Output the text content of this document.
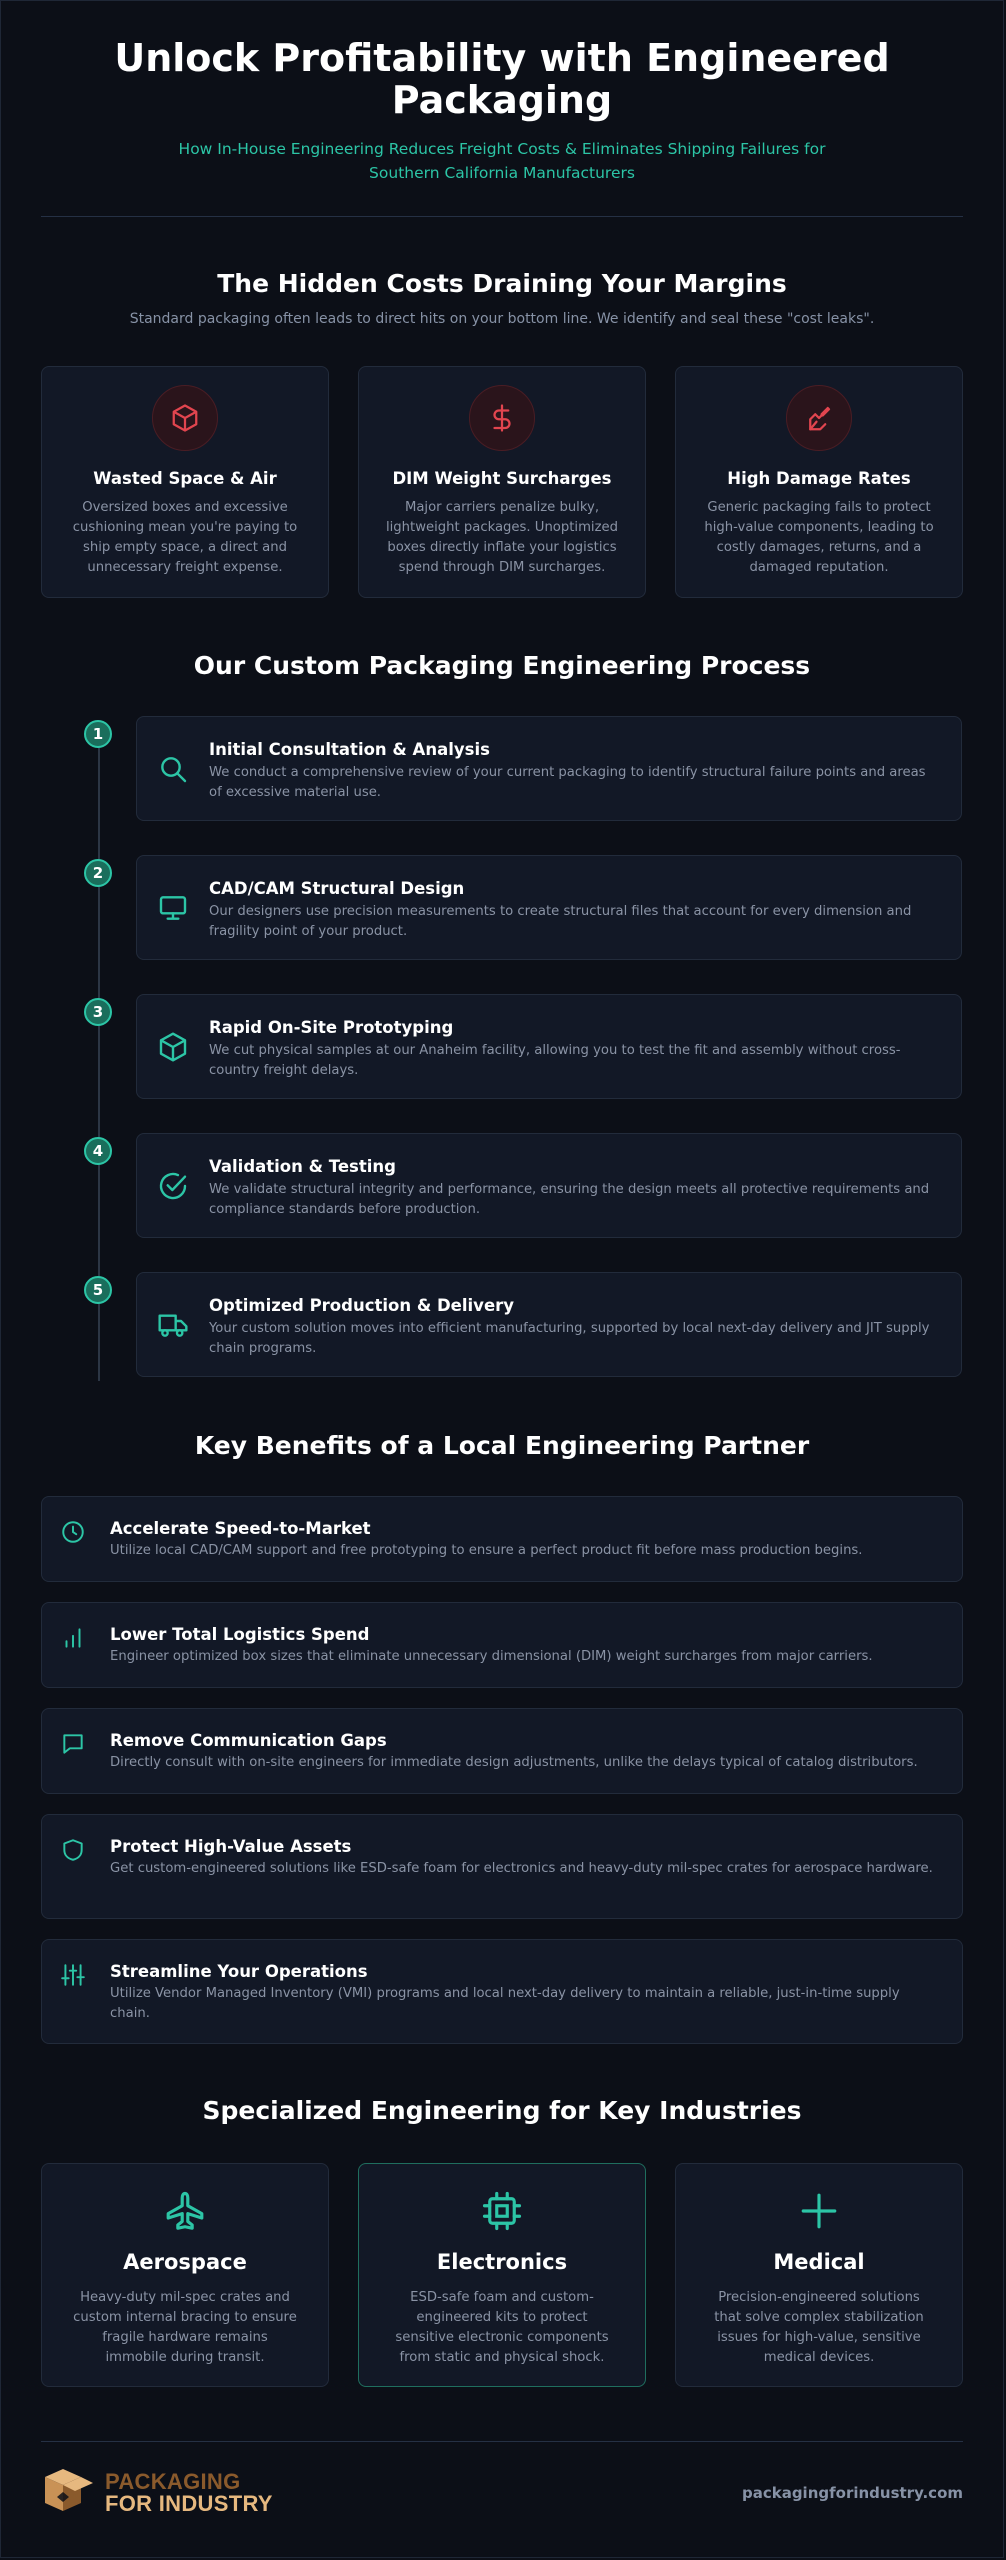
Unlock Profitability with Engineered Packaging

How In-House Engineering Reduces Freight Costs & Eliminates Shipping Failures for Southern California Manufacturers

The Hidden Costs Draining Your Margins

Standard packaging often leads to direct hits on your bottom line. We identify and seal these "cost leaks".

Wasted Space & Air

Oversized boxes and excessive cushioning mean you're paying to ship empty space, a direct and unnecessary freight expense.

DIM Weight Surcharges

Major carriers penalize bulky, lightweight packages. Unoptimized boxes directly inflate your logistics spend through DIM surcharges.

High Damage Rates

Generic packaging fails to protect high-value components, leading to costly damages, returns, and a damaged reputation.

Our Custom Packaging Engineering Process
1

Initial Consultation & Analysis

We conduct a comprehensive review of your current packaging to identify structural failure points and areas of excessive material use.

2

CAD/CAM Structural Design

Our designers use precision measurements to create structural files that account for every dimension and fragility point of your product.

3

Rapid On-Site Prototyping

We cut physical samples at our Anaheim facility, allowing you to test the fit and assembly without cross-country freight delays.

4

Validation & Testing

We validate structural integrity and performance, ensuring the design meets all protective requirements and compliance standards before production.

5

Optimized Production & Delivery

Your custom solution moves into efficient manufacturing, supported by local next-day delivery and JIT supply chain programs.

Key Benefits of a Local Engineering Partner

Accelerate Speed-to-Market

Utilize local CAD/CAM support and free prototyping to ensure a perfect product fit before mass production begins.

Lower Total Logistics Spend

Engineer optimized box sizes that eliminate unnecessary dimensional (DIM) weight surcharges from major carriers.

Remove Communication Gaps

Directly consult with on-site engineers for immediate design adjustments, unlike the delays typical of catalog distributors.

Protect High-Value Assets

Get custom-engineered solutions like ESD-safe foam for electronics and heavy-duty mil-spec crates for aerospace hardware.

Streamline Your Operations

Utilize Vendor Managed Inventory (VMI) programs and local next-day delivery to maintain a reliable, just-in-time supply chain.

Specialized Engineering for Key Industries

Aerospace

Heavy-duty mil-spec crates and custom internal bracing to ensure fragile hardware remains immobile during transit.

Electronics

ESD-safe foam and custom-engineered kits to protect sensitive electronic components from static and physical shock.

Medical

Precision-engineered solutions that solve complex stabilization issues for high-value, sensitive medical devices.

PACKAGING
FOR INDUSTRY	packagingforindustry.com
